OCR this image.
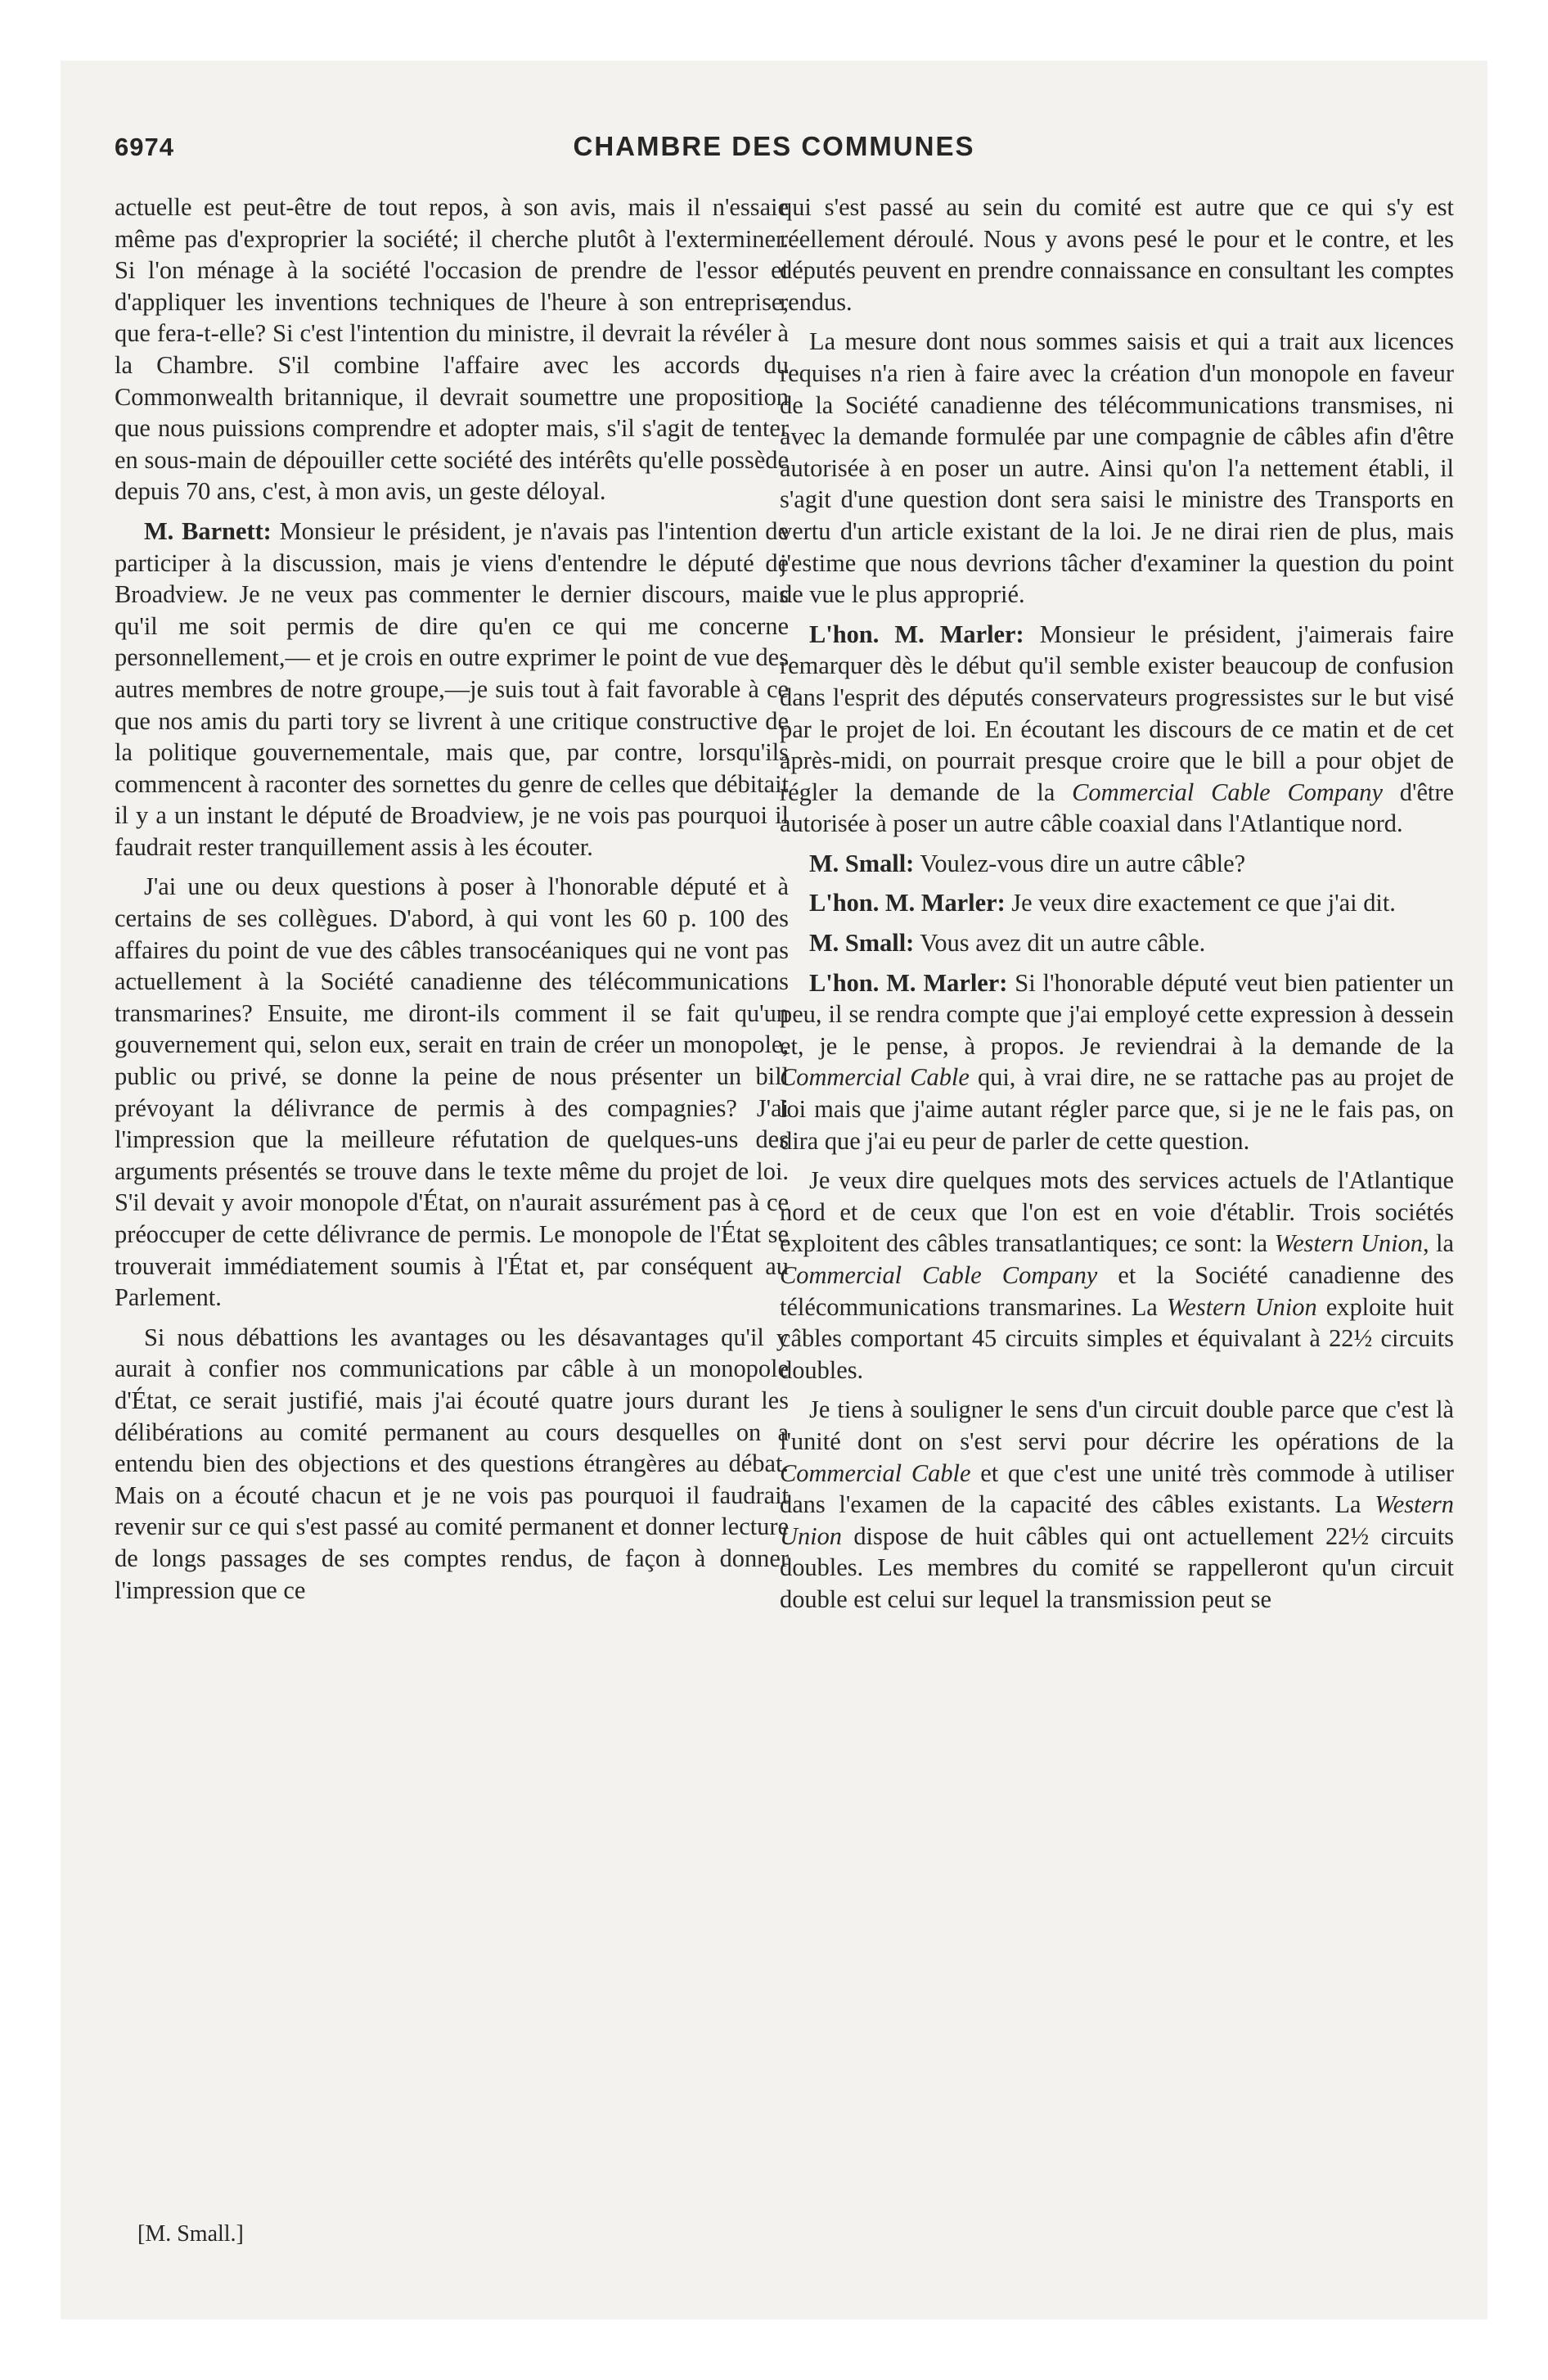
6974	CHAMBRE DES COMMUNES

actuelle est peut-être de tout repos, à son avis, mais il n'essaie même pas d'exproprier la société; il cherche plutôt à l'exterminer. Si l'on ménage à la société l'occasion de prendre de l'essor et d'appliquer les inventions techniques de l'heure à son entreprise, que fera-t-elle? Si c'est l'intention du ministre, il devrait la révéler à la Chambre. S'il combine l'affaire avec les accords du Commonwealth britannique, il devrait soumettre une proposition que nous puissions comprendre et adopter mais, s'il s'agit de tenter en sous-main de dépouiller cette société des intérêts qu'elle possède depuis 70 ans, c'est, à mon avis, un geste déloyal.

M. Barnett: Monsieur le président, je n'avais pas l'intention de participer à la discussion, mais je viens d'entendre le député de Broadview. Je ne veux pas commenter le dernier discours, mais qu'il me soit permis de dire qu'en ce qui me concerne personnellement,— et je crois en outre exprimer le point de vue des autres membres de notre groupe,—je suis tout à fait favorable à ce que nos amis du parti tory se livrent à une critique constructive de la politique gouvernementale, mais que, par contre, lorsqu'ils commencent à raconter des sornettes du genre de celles que débitait il y a un instant le député de Broadview, je ne vois pas pourquoi il faudrait rester tranquillement assis à les écouter.

J'ai une ou deux questions à poser à l'honorable député et à certains de ses collègues. D'abord, à qui vont les 60 p. 100 des affaires du point de vue des câbles transocéaniques qui ne vont pas actuellement à la Société canadienne des télécommunications transmarines? Ensuite, me diront-ils comment il se fait qu'un gouvernement qui, selon eux, serait en train de créer un monopole, public ou privé, se donne la peine de nous présenter un bill prévoyant la délivrance de permis à des compagnies? J'ai l'impression que la meilleure réfutation de quelques-uns des arguments présentés se trouve dans le texte même du projet de loi. S'il devait y avoir monopole d'État, on n'aurait assurément pas à ce préoccuper de cette délivrance de permis. Le monopole de l'État se trouverait immédiatement soumis à l'État et, par conséquent au Parlement.

Si nous débattions les avantages ou les désavantages qu'il y aurait à confier nos communications par câble à un monopole d'État, ce serait justifié, mais j'ai écouté quatre jours durant les délibérations au comité permanent au cours desquelles on a entendu bien des objections et des questions étrangères au débat. Mais on a écouté chacun et je ne vois pas pourquoi il faudrait revenir sur ce qui s'est passé au comité permanent et donner lecture de longs passages de ses comptes rendus, de façon à donner l'impression que ce

qui s'est passé au sein du comité est autre que ce qui s'y est réellement déroulé. Nous y avons pesé le pour et le contre, et les députés peuvent en prendre connaissance en consultant les comptes rendus.

La mesure dont nous sommes saisis et qui a trait aux licences requises n'a rien à faire avec la création d'un monopole en faveur de la Société canadienne des télécommunications transmises, ni avec la demande formulée par une compagnie de câbles afin d'être autorisée à en poser un autre. Ainsi qu'on l'a nettement établi, il s'agit d'une question dont sera saisi le ministre des Transports en vertu d'un article existant de la loi. Je ne dirai rien de plus, mais j'estime que nous devrions tâcher d'examiner la question du point de vue le plus approprié.

L'hon. M. Marler: Monsieur le président, j'aimerais faire remarquer dès le début qu'il semble exister beaucoup de confusion dans l'esprit des députés conservateurs progressistes sur le but visé par le projet de loi. En écoutant les discours de ce matin et de cet après-midi, on pourrait presque croire que le bill a pour objet de régler la demande de la Commercial Cable Company d'être autorisée à poser un autre câble coaxial dans l'Atlantique nord.

M. Small: Voulez-vous dire un autre câble?

L'hon. M. Marler: Je veux dire exactement ce que j'ai dit.

M. Small: Vous avez dit un autre câble.

L'hon. M. Marler: Si l'honorable député veut bien patienter un peu, il se rendra compte que j'ai employé cette expression à dessein et, je le pense, à propos. Je reviendrai à la demande de la Commercial Cable qui, à vrai dire, ne se rattache pas au projet de loi mais que j'aime autant régler parce que, si je ne le fais pas, on dira que j'ai eu peur de parler de cette question.

Je veux dire quelques mots des services actuels de l'Atlantique nord et de ceux que l'on est en voie d'établir. Trois sociétés exploitent des câbles transatlantiques; ce sont: la Western Union, la Commercial Cable Company et la Société canadienne des télécommunications transmarines. La Western Union exploite huit câbles comportant 45 circuits simples et équivalant à 22½ circuits doubles.

Je tiens à souligner le sens d'un circuit double parce que c'est là l'unité dont on s'est servi pour décrire les opérations de la Commercial Cable et que c'est une unité très commode à utiliser dans l'examen de la capacité des câbles existants. La Western Union dispose de huit câbles qui ont actuellement 22½ circuits doubles. Les membres du comité se rappelleront qu'un circuit double est celui sur lequel la transmission peut se

[M. Small.]
